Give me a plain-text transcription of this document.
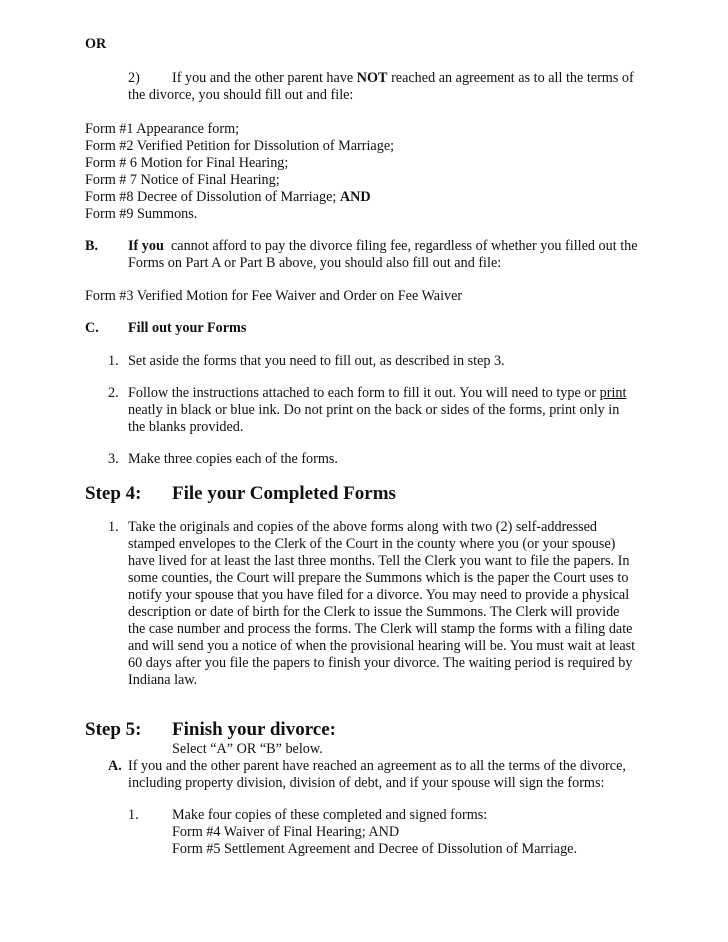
OR
2) If you and the other parent have NOT reached an agreement as to all the terms of
the divorce, you should fill out and file:
Form #1 Appearance form;
Form #2 Verified Petition for Dissolution of Marriage;
Form # 6 Motion for Final Hearing;
Form # 7 Notice of Final Hearing;
Form #8 Decree of Dissolution of Marriage; AND
Form #9 Summons.
B. If you  cannot afford to pay the divorce filing fee, regardless of whether you filled out the
Forms on Part A or Part B above, you should also fill out and file:
Form #3 Verified Motion for Fee Waiver and Order on Fee Waiver
C. Fill out your Forms
1. Set aside the forms that you need to fill out, as described in step 3.
2. Follow the instructions attached to each form to fill it out. You will need to type or print
neatly in black or blue ink. Do not print on the back or sides of the forms, print only in
the blanks provided.
3. Make three copies each of the forms.
Step 4: File your Completed Forms
1. Take the originals and copies of the above forms along with two (2) self-addressed
stamped envelopes to the Clerk of the Court in the county where you (or your spouse)
have lived for at least the last three months. Tell the Clerk you want to file the papers. In
some counties, the Court will prepare the Summons which is the paper the Court uses to
notify your spouse that you have filed for a divorce. You may need to provide a physical
description or date of birth for the Clerk to issue the Summons. The Clerk will provide
the case number and process the forms. The Clerk will stamp the forms with a filing date
and will send you a notice of when the provisional hearing will be. You must wait at least
60 days after you file the papers to finish your divorce. The waiting period is required by
Indiana law.
Step 5: Finish your divorce:
Select “A” OR “B” below.
A. If you and the other parent have reached an agreement as to all the terms of the divorce,
including property division, division of debt, and if your spouse will sign the forms:
1. Make four copies of these completed and signed forms:
Form #4 Waiver of Final Hearing; AND
Form #5 Settlement Agreement and Decree of Dissolution of Marriage.
